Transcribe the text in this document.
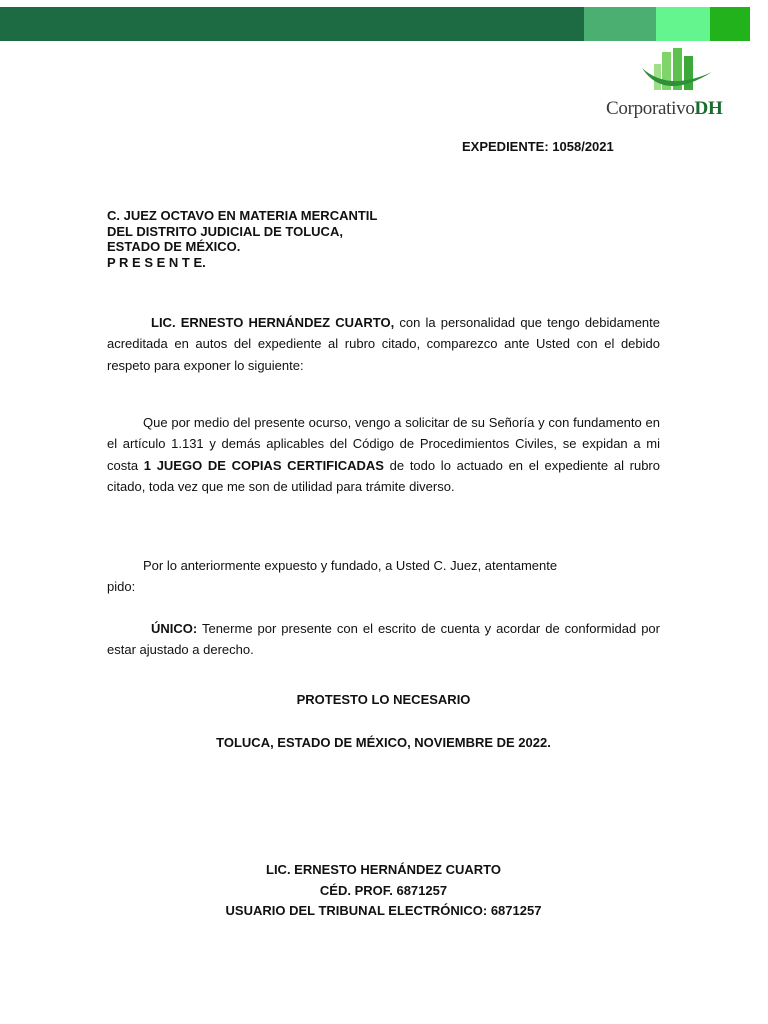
CorporativoDH
EXPEDIENTE: 1058/2021
C. JUEZ OCTAVO EN MATERIA MERCANTIL
DEL DISTRITO JUDICIAL DE TOLUCA,
ESTADO DE MÉXICO.
P R E S E N T E.
LIC. ERNESTO HERNÁNDEZ CUARTO, con la personalidad que tengo debidamente acreditada en autos del expediente al rubro citado, comparezco ante Usted con el debido respeto para exponer lo siguiente:
Que por medio del presente ocurso, vengo a solicitar de su Señoría y con fundamento en el artículo 1.131 y demás aplicables del Código de Procedimientos Civiles, se expidan a mi costa 1 JUEGO DE COPIAS CERTIFICADAS de todo lo actuado en el expediente al rubro citado, toda vez que me son de utilidad para trámite diverso.
Por lo anteriormente expuesto y fundado, a Usted C. Juez, atentamente
pido:
ÚNICO: Tenerme por presente con el escrito de cuenta y acordar de conformidad por estar ajustado a derecho.
PROTESTO LO NECESARIO
TOLUCA, ESTADO DE MÉXICO, NOVIEMBRE DE 2022.
LIC. ERNESTO HERNÁNDEZ CUARTO
CÉD. PROF. 6871257
USUARIO DEL TRIBUNAL ELECTRÓNICO: 6871257
